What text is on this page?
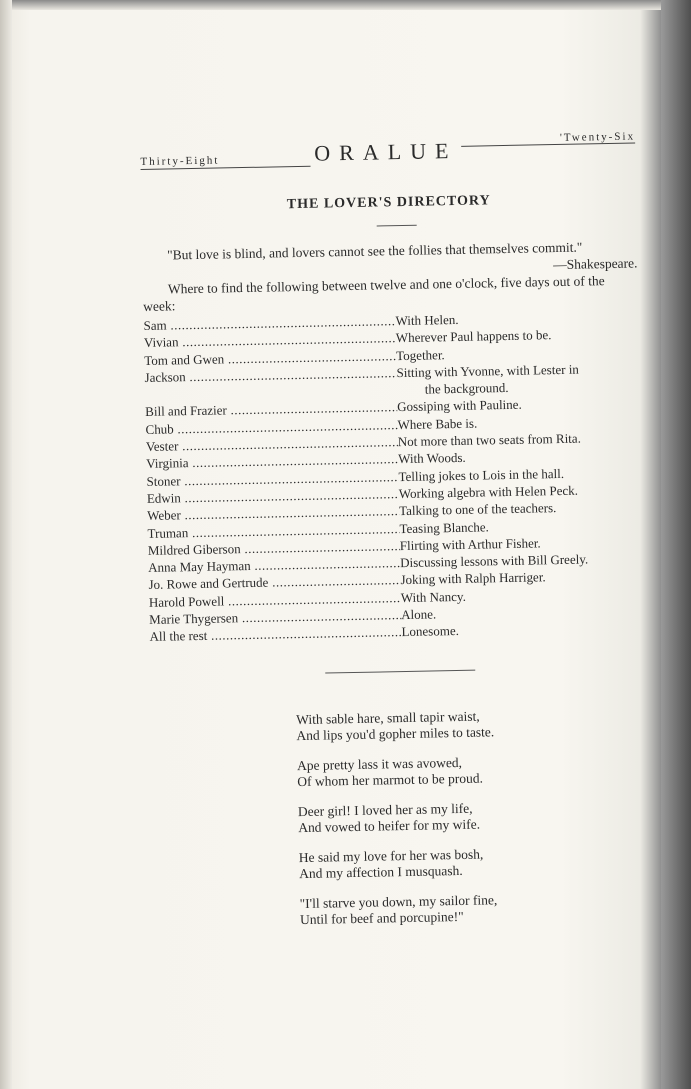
Thirty-Eight	ORALUE
'Twenty-Six
THE LOVER'S DIRECTORY
"But love is blind, and lovers cannot see the follies that themselves commit."
—Shakespeare.
Where to find the following between twelve and one o'clock, five days out of the week:
Sam .....	With Helen.
Vivian .....	Wherever Paul happens to be.
Tom and Gwen .....	Together.
Jackson .....	Sitting with Yvonne, with Lester in
the background.
Bill and Frazier .....	Gossiping with Pauline.
Chub .....	Where Babe is.
Vester .....	Not more than two seats from Rita.
Virginia .....	With Woods.
Stoner .....	Telling jokes to Lois in the hall.
Edwin .....	Working algebra with Helen Peck.
Weber .....	Talking to one of the teachers.
Truman .....	Teasing Blanche.
Mildred Giberson .....	Flirting with Arthur Fisher.
Anna May Hayman .....	Discussing lessons with Bill Greely.
Jo. Rowe and Gertrude .....	Joking with Ralph Harriger.
Harold Powell .....	With Nancy.
Marie Thygersen .....	Alone.
All the rest .....	Lonesome.
With sable hare, small tapir waist,
And lips you'd gopher miles to taste.
Ape pretty lass it was avowed,
Of whom her marmot to be proud.
Deer girl! I loved her as my life,
And vowed to heifer for my wife.
He said my love for her was bosh,
And my affection I musquash.
"I'll starve you down, my sailor fine,
Until for beef and porcupine!"
